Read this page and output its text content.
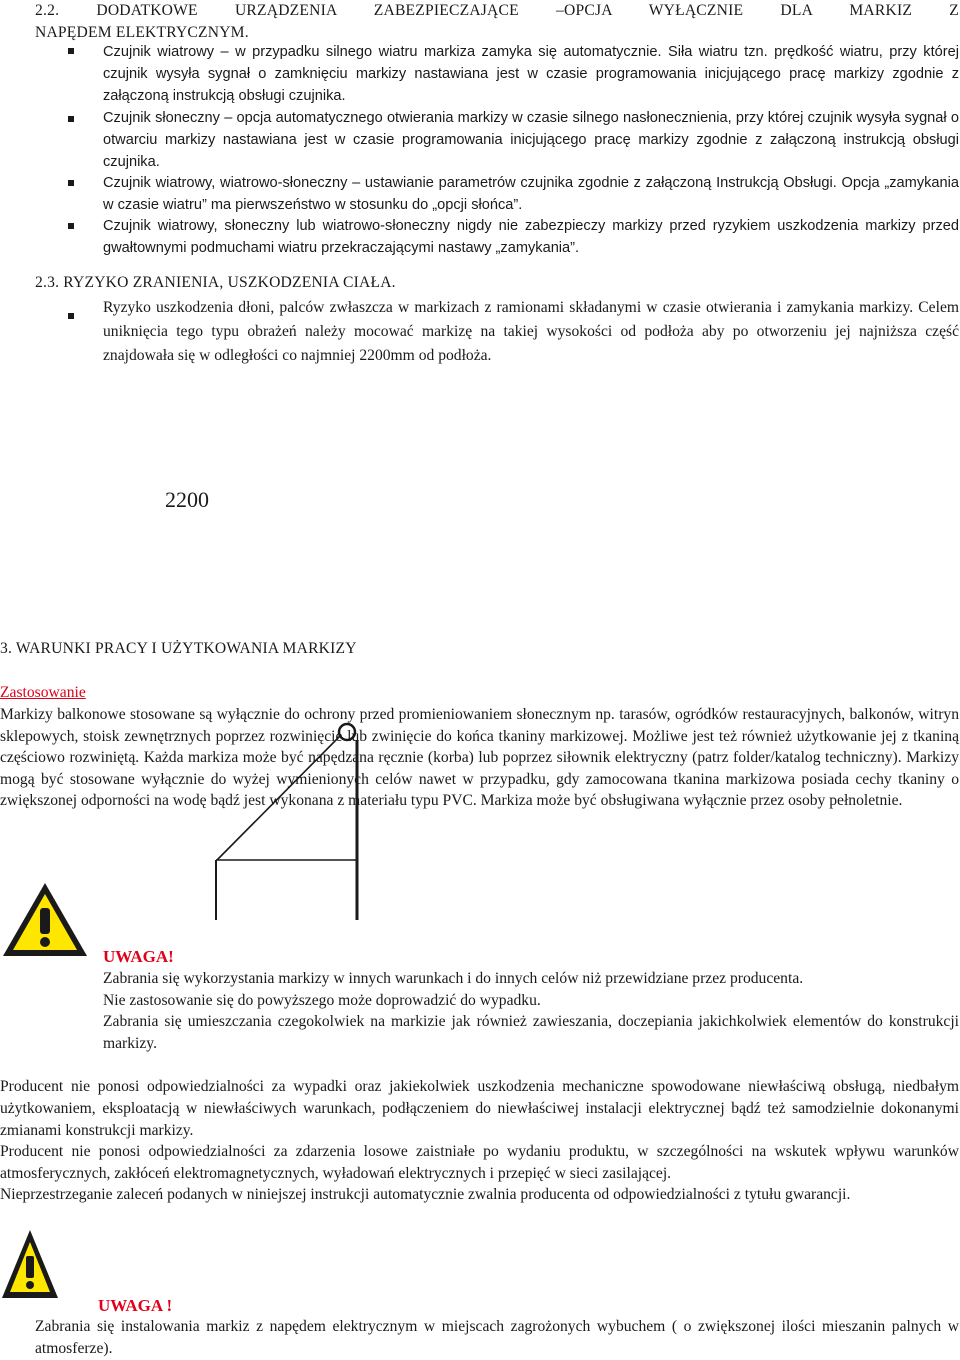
2.2. DODATKOWE URZĄDZENIA ZABEZPIECZAJĄCE –OPCJA WYŁĄCZNIE DLA MARKIZ Z
NAPĘDEM ELEKTRYCZNYM.
Czujnik wiatrowy – w przypadku silnego wiatru markiza zamyka się automatycznie. Siła wiatru tzn. prędkość wiatru, przy której czujnik wysyła sygnał o zamknięciu markizy nastawiana jest w czasie programowania inicjującego pracę markizy zgodnie z załączoną instrukcją obsługi czujnika.
Czujnik słoneczny – opcja automatycznego otwierania markizy w czasie silnego nasłonecznienia, przy której czujnik wysyła sygnał o otwarciu markizy nastawiana jest w czasie programowania inicjującego pracę markizy zgodnie z załączoną instrukcją obsługi czujnika.
Czujnik wiatrowy, wiatrowo-słoneczny – ustawianie parametrów czujnika zgodnie z załączoną Instrukcją Obsługi. Opcja „zamykania w czasie wiatru” ma pierwszeństwo w stosunku do „opcji słońca”.
Czujnik wiatrowy, słoneczny lub wiatrowo-słoneczny nigdy nie zabezpieczy markizy przed ryzykiem uszkodzenia markizy przed gwałtownymi podmuchami wiatru przekraczającymi nastawy „zamykania”.
2.3. RYZYKO ZRANIENIA, USZKODZENIA CIAŁA.
Ryzyko uszkodzenia dłoni, palców zwłaszcza w markizach z ramionami składanymi w czasie otwierania i zamykania markizy. Celem uniknięcia tego typu obrażeń należy mocować markizę na takiej wysokości od podłoża aby po otworzeniu jej najniższa część znajdowała się w odległości co najmniej 2200mm od podłoża.
2200
3. WARUNKI PRACY I UŻYTKOWANIA MARKIZY
Zastosowanie
Markizy balkonowe stosowane są wyłącznie do ochrony przed promieniowaniem słonecznym np. tarasów, ogródków restauracyjnych, balkonów, witryn sklepowych, stoisk zewnętrznych poprzez rozwinięcie lub zwinięcie do końca tkaniny markizowej. Możliwe jest też również użytkowanie jej z tkaniną częściowo rozwiniętą. Każda markiza może być napędzana ręcznie (korba) lub poprzez siłownik elektryczny (patrz folder/katalog techniczny). Markizy mogą być stosowane wyłącznie do wyżej wymienionych celów nawet w przypadku, gdy zamocowana tkanina markizowa posiada cechy tkaniny o zwiększonej odporności na wodę bądź jest wykonana z materiału typu PVC. Markiza może być obsługiwana wyłącznie przez osoby pełnoletnie.
UWAGA!
Zabrania się wykorzystania markizy w innych warunkach i do innych celów niż przewidziane przez producenta.
Nie zastosowanie się do powyższego może doprowadzić do wypadku.
Zabrania się umieszczania czegokolwiek na markizie jak również zawieszania, doczepiania jakichkolwiek elementów do konstrukcji markizy.
Producent nie ponosi odpowiedzialności za wypadki oraz jakiekolwiek uszkodzenia mechaniczne spowodowane niewłaściwą obsługą, niedbałym użytkowaniem, eksploatacją w niewłaściwych warunkach, podłączeniem do niewłaściwej instalacji elektrycznej bądź też samodzielnie dokonanymi zmianami konstrukcji markizy.
Producent nie ponosi odpowiedzialności za zdarzenia losowe zaistniałe po wydaniu produktu, w szczególności na wskutek wpływu warunków atmosferycznych, zakłóceń elektromagnetycznych, wyładowań elektrycznych i przepięć w sieci zasilającej.
Nieprzestrzeganie zaleceń podanych w niniejszej instrukcji automatycznie zwalnia producenta od odpowiedzialności z tytułu gwarancji.
UWAGA !
Zabrania się instalowania markiz z napędem elektrycznym w miejscach zagrożonych wybuchem ( o zwiększonej ilości mieszanin palnych w atmosferze).
